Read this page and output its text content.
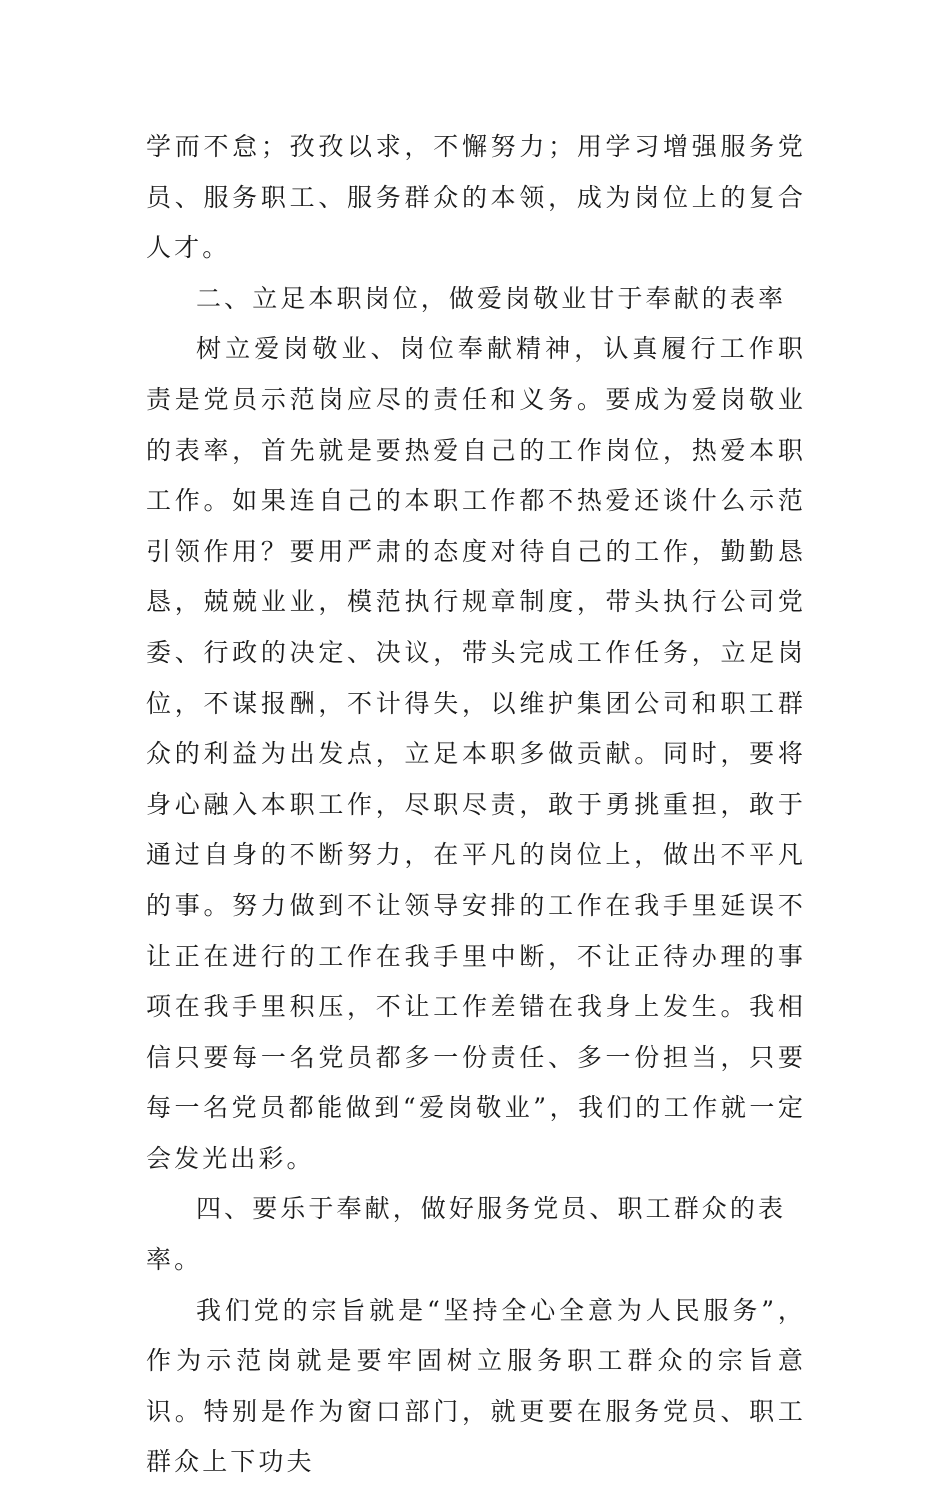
学而不怠；孜孜以求，不懈努力；用学习增强服务党员、服务职工、服务群众的本领，成为岗位上的复合人才。

二、立足本职岗位，做爱岗敬业甘于奉献的表率

树立爱岗敬业、岗位奉献精神，认真履行工作职责是党员示范岗应尽的责任和义务。要成为爱岗敬业的表率，首先就是要热爱自己的工作岗位，热爱本职工作。如果连自己的本职工作都不热爱还谈什么示范引领作用？要用严肃的态度对待自己的工作，勤勤恳恳，兢兢业业，模范执行规章制度，带头执行公司党委、行政的决定、决议，带头完成工作任务，立足岗位，不谋报酬，不计得失，以维护集团公司和职工群众的利益为出发点，立足本职多做贡献。同时，要将身心融入本职工作，尽职尽责，敢于勇挑重担，敢于通过自身的不断努力，在平凡的岗位上，做出不平凡的事。努力做到不让领导安排的工作在我手里延误不让正在进行的工作在我手里中断，不让正待办理的事项在我手里积压，不让工作差错在我身上发生。我相信只要每一名党员都多一份责任、多一份担当，只要每一名党员都能做到“爱岗敬业”，我们的工作就一定会发光出彩。

四、要乐于奉献，做好服务党员、职工群众的表率。

我们党的宗旨就是“坚持全心全意为人民服务”，作为示范岗就是要牢固树立服务职工群众的宗旨意识。特别是作为窗口部门，就更要在服务党员、职工群众上下功夫
